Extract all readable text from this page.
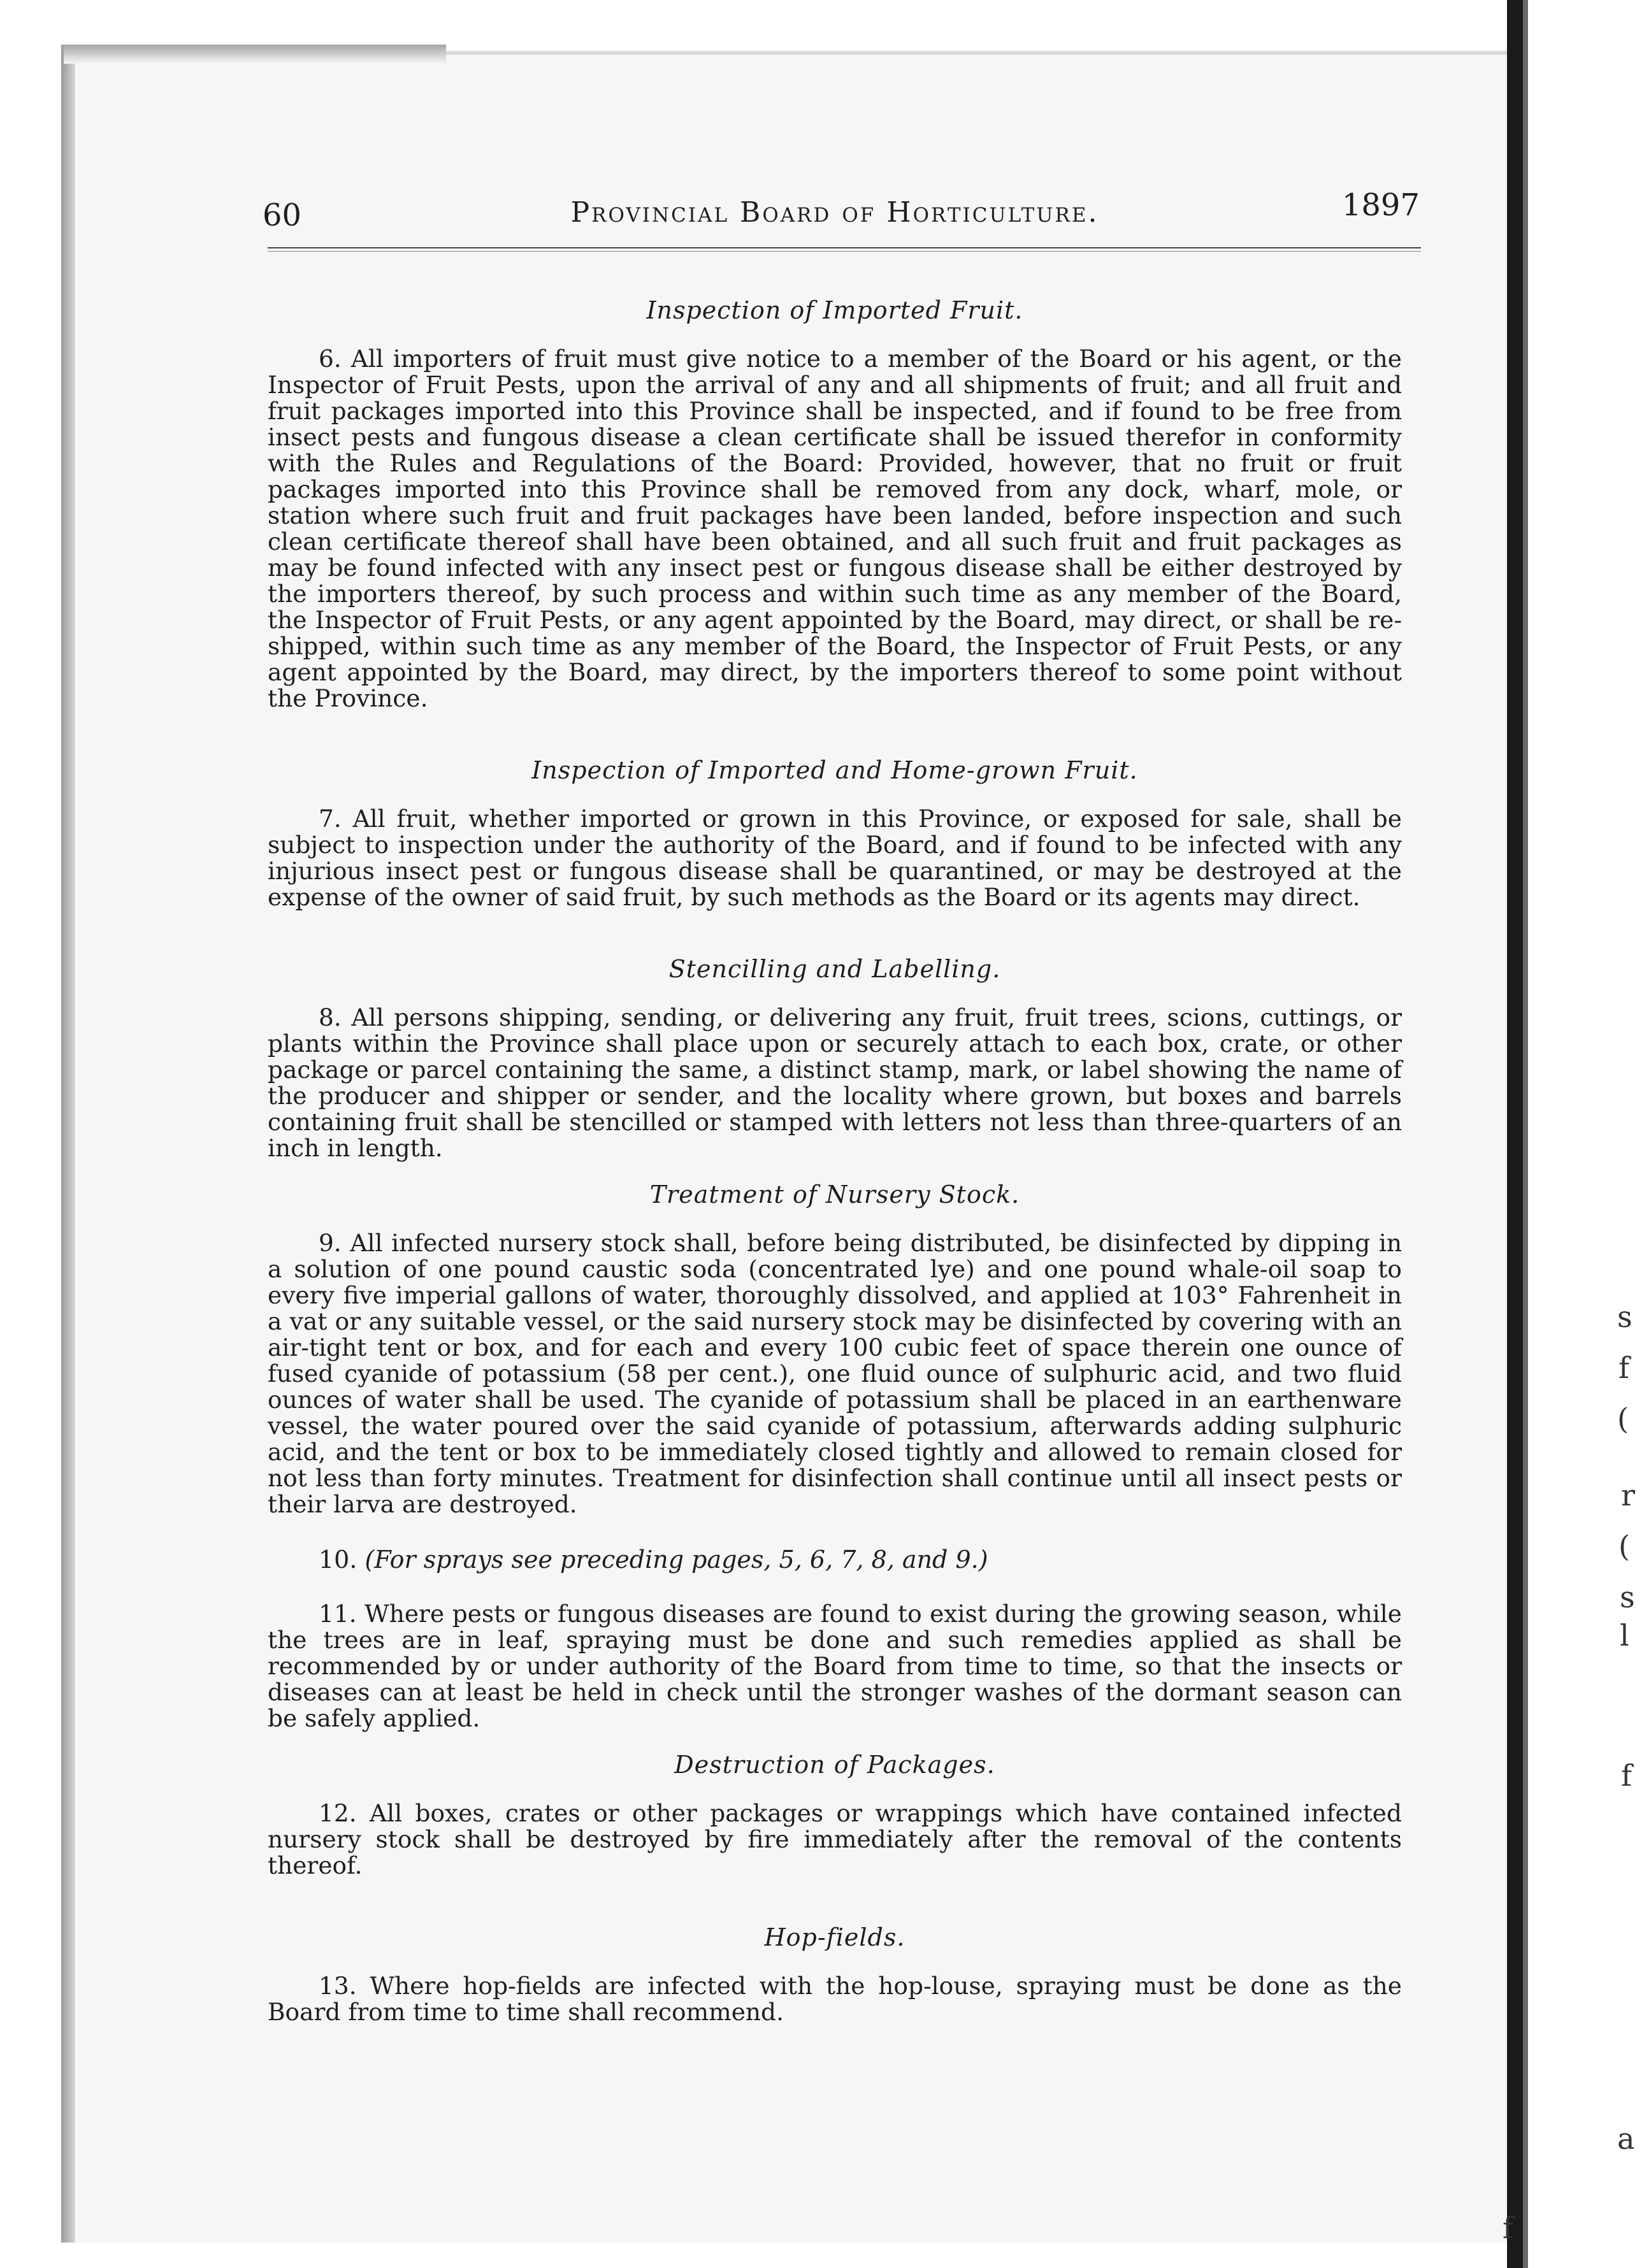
s
f
(
r
(
s
l
f
a
f
60	Provincial Board of Horticulture.	1897
Inspection of Imported Fruit.

6. All importers of fruit must give notice to a member of the Board or his agent, or the Inspector of Fruit Pests, upon the arrival of any and all shipments of fruit; and all fruit and fruit packages imported into this Province shall be inspected, and if found to be free from insect pests and fungous disease a clean certificate shall be issued therefor in conformity with the Rules and Regulations of the Board: Provided, however, that no fruit or fruit packages imported into this Province shall be removed from any dock, wharf, mole, or station where such fruit and fruit packages have been landed, before inspection and such clean certificate thereof shall have been obtained, and all such fruit and fruit packages as may be found infected with any insect pest or fungous disease shall be either destroyed by the importers thereof, by such process and within such time as any member of the Board, the Inspector of Fruit Pests, or any agent appointed by the Board, may direct, or shall be re-shipped, within such time as any member of the Board, the Inspector of Fruit Pests, or any agent appointed by the Board, may direct, by the importers thereof to some point without the Province.

Inspection of Imported and Home-grown Fruit.

7. All fruit, whether imported or grown in this Province, or exposed for sale, shall be subject to inspection under the authority of the Board, and if found to be infected with any injurious insect pest or fungous disease shall be quarantined, or may be destroyed at the expense of the owner of said fruit, by such methods as the Board or its agents may direct.

Stencilling and Labelling.

8. All persons shipping, sending, or delivering any fruit, fruit trees, scions, cuttings, or plants within the Province shall place upon or securely attach to each box, crate, or other package or parcel containing the same, a distinct stamp, mark, or label showing the name of the producer and shipper or sender, and the locality where grown, but boxes and barrels containing fruit shall be stencilled or stamped with letters not less than three-quarters of an inch in length.

Treatment of Nursery Stock.

9. All infected nursery stock shall, before being distributed, be disinfected by dipping in a solution of one pound caustic soda (concentrated lye) and one pound whale-oil soap to every five imperial gallons of water, thoroughly dissolved, and applied at 103° Fahrenheit in a vat or any suitable vessel, or the said nursery stock may be disinfected by covering with an air-tight tent or box, and for each and every 100 cubic feet of space therein one ounce of fused cyanide of potassium (58 per cent.), one fluid ounce of sulphuric acid, and two fluid ounces of water shall be used. The cyanide of potassium shall be placed in an earthenware vessel, the water poured over the said cyanide of potassium, afterwards adding sulphuric acid, and the tent or box to be immediately closed tightly and allowed to remain closed for not less than forty minutes. Treatment for disinfection shall continue until all insect pests or their larva are destroyed.

10. (For sprays see preceding pages, 5, 6, 7, 8, and 9.)

11. Where pests or fungous diseases are found to exist during the growing season, while the trees are in leaf, spraying must be done and such remedies applied as shall be recommended by or under authority of the Board from time to time, so that the insects or diseases can at least be held in check until the stronger washes of the dormant season can be safely applied.

Destruction of Packages.

12. All boxes, crates or other packages or wrappings which have contained infected nursery stock shall be destroyed by fire immediately after the removal of the contents thereof.

Hop-fields.

13. Where hop-fields are infected with the hop-louse, spraying must be done as the Board from time to time shall recommend.
